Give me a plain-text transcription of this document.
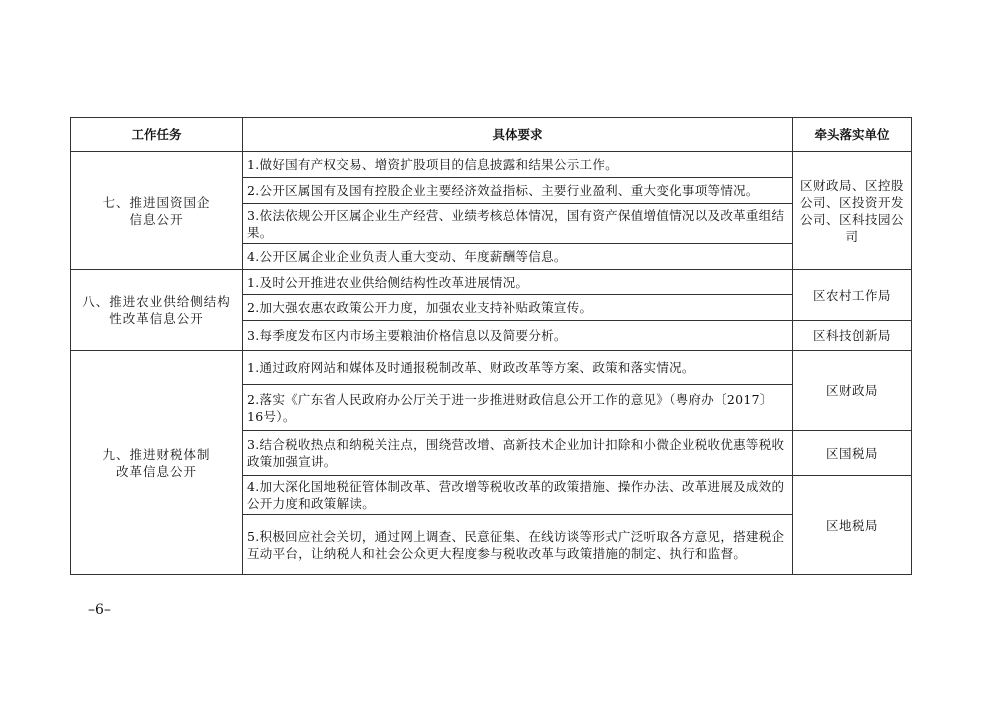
工作任务	具体要求	牵头落实单位

七、推进国资国企
信息公开	1.做好国有产权交易、增资扩股项目的信息披露和结果公示工作。	区财政局、区控股公司、区投资开发公司、区科技园公司
	2.公开区属国有及国有控股企业主要经济效益指标、主要行业盈利、重大变化事项等情况。	
	3.依法依规公开区属企业生产经营、业绩考核总体情况，国有资产保值增值情况以及改革重组结果。	
	4.公开区属企业企业负责人重大变动、年度薪酬等信息。	

八、推进农业供给侧结构
性改革信息公开	1.及时公开推进农业供给侧结构性改革进展情况。	区农村工作局
	2.加大强农惠农政策公开力度，加强农业支持补贴政策宣传。	
	3.每季度发布区内市场主要粮油价格信息以及简要分析。	区科技创新局

九、推进财税体制
改革信息公开	1.通过政府网站和媒体及时通报税制改革、财政改革等方案、政策和落实情况。	区财政局
	2.落实《广东省人民政府办公厅关于进一步推进财政信息公开工作的意见》（粤府办〔2017〕16号）。	
	3.结合税收热点和纳税关注点，围绕营改增、高新技术企业加计扣除和小微企业税收优惠等税收政策加强宣讲。	区国税局
	4.加大深化国地税征管体制改革、营改增等税收改革的政策措施、操作办法、改革进展及成效的公开力度和政策解读。	区地税局
	5.积极回应社会关切，通过网上调查、民意征集、在线访谈等形式广泛听取各方意见，搭建税企互动平台，让纳税人和社会公众更大程度参与税收改革与政策措施的制定、执行和监督。	
–6–
